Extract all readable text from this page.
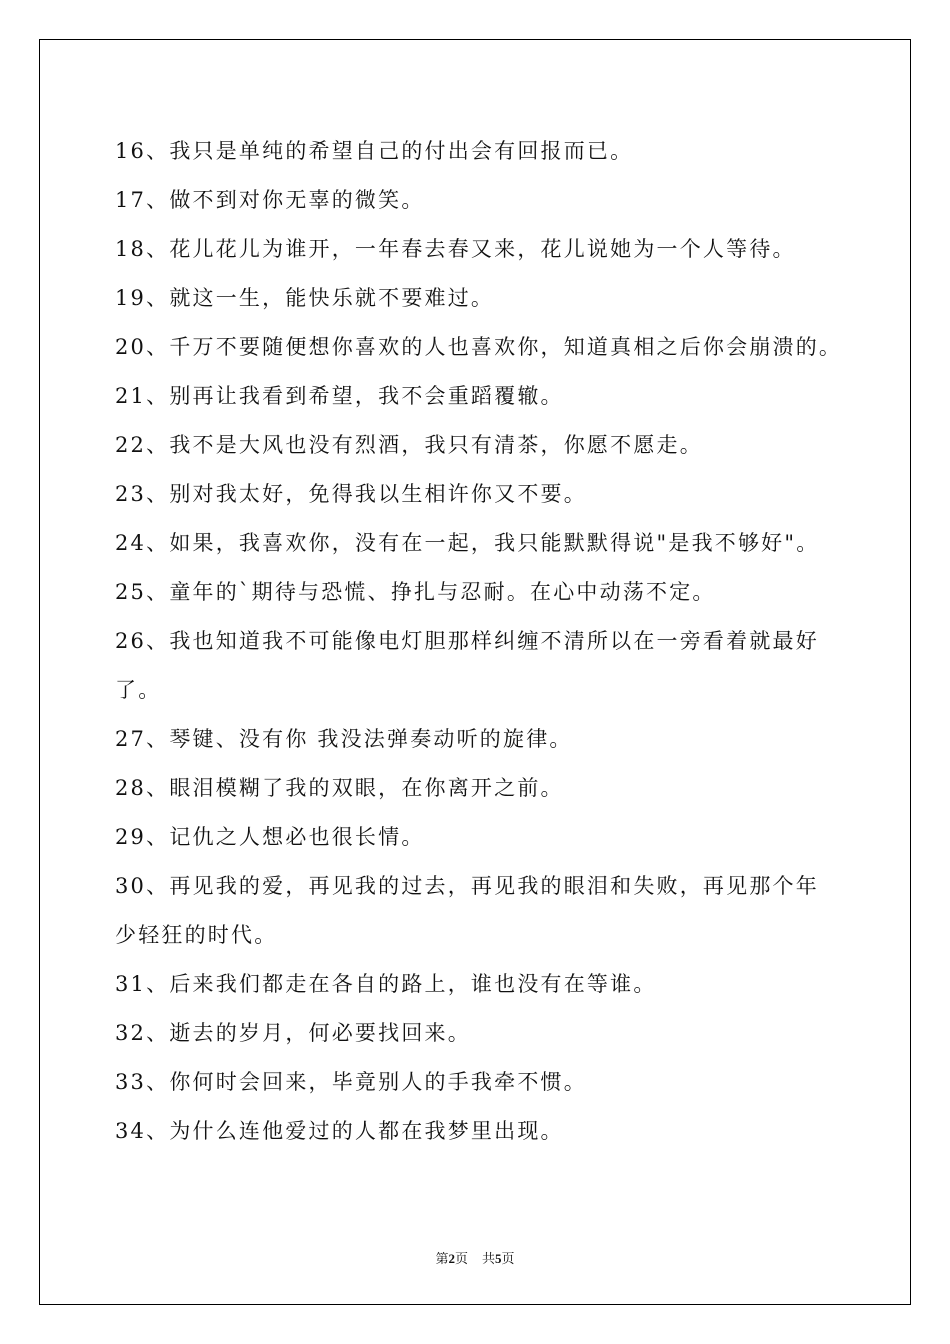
16、我只是单纯的希望自己的付出会有回报而已。
17、做不到对你无辜的微笑。
18、花儿花儿为谁开，一年春去春又来，花儿说她为一个人等待。
19、就这一生，能快乐就不要难过。
20、千万不要随便想你喜欢的人也喜欢你，知道真相之后你会崩溃的。
21、别再让我看到希望，我不会重蹈覆辙。
22、我不是大风也没有烈酒，我只有清茶，你愿不愿走。
23、别对我太好，免得我以生相许你又不要。
24、如果，我喜欢你，没有在一起，我只能默默得说"是我不够好"。
25、童年的`期待与恐慌、挣扎与忍耐。在心中动荡不定。
26、我也知道我不可能像电灯胆那样纠缠不清所以在一旁看着就最好
了。
27、琴键、没有你 我没法弹奏动听的旋律。
28、眼泪模糊了我的双眼，在你离开之前。
29、记仇之人想必也很长情。
30、再见我的爱，再见我的过去，再见我的眼泪和失败，再见那个年
少轻狂的时代。
31、后来我们都走在各自的路上，谁也没有在等谁。
32、逝去的岁月，何必要找回来。
33、你何时会回来，毕竟别人的手我牵不惯。
34、为什么连他爱过的人都在我梦里出现。
第2页 共5页
